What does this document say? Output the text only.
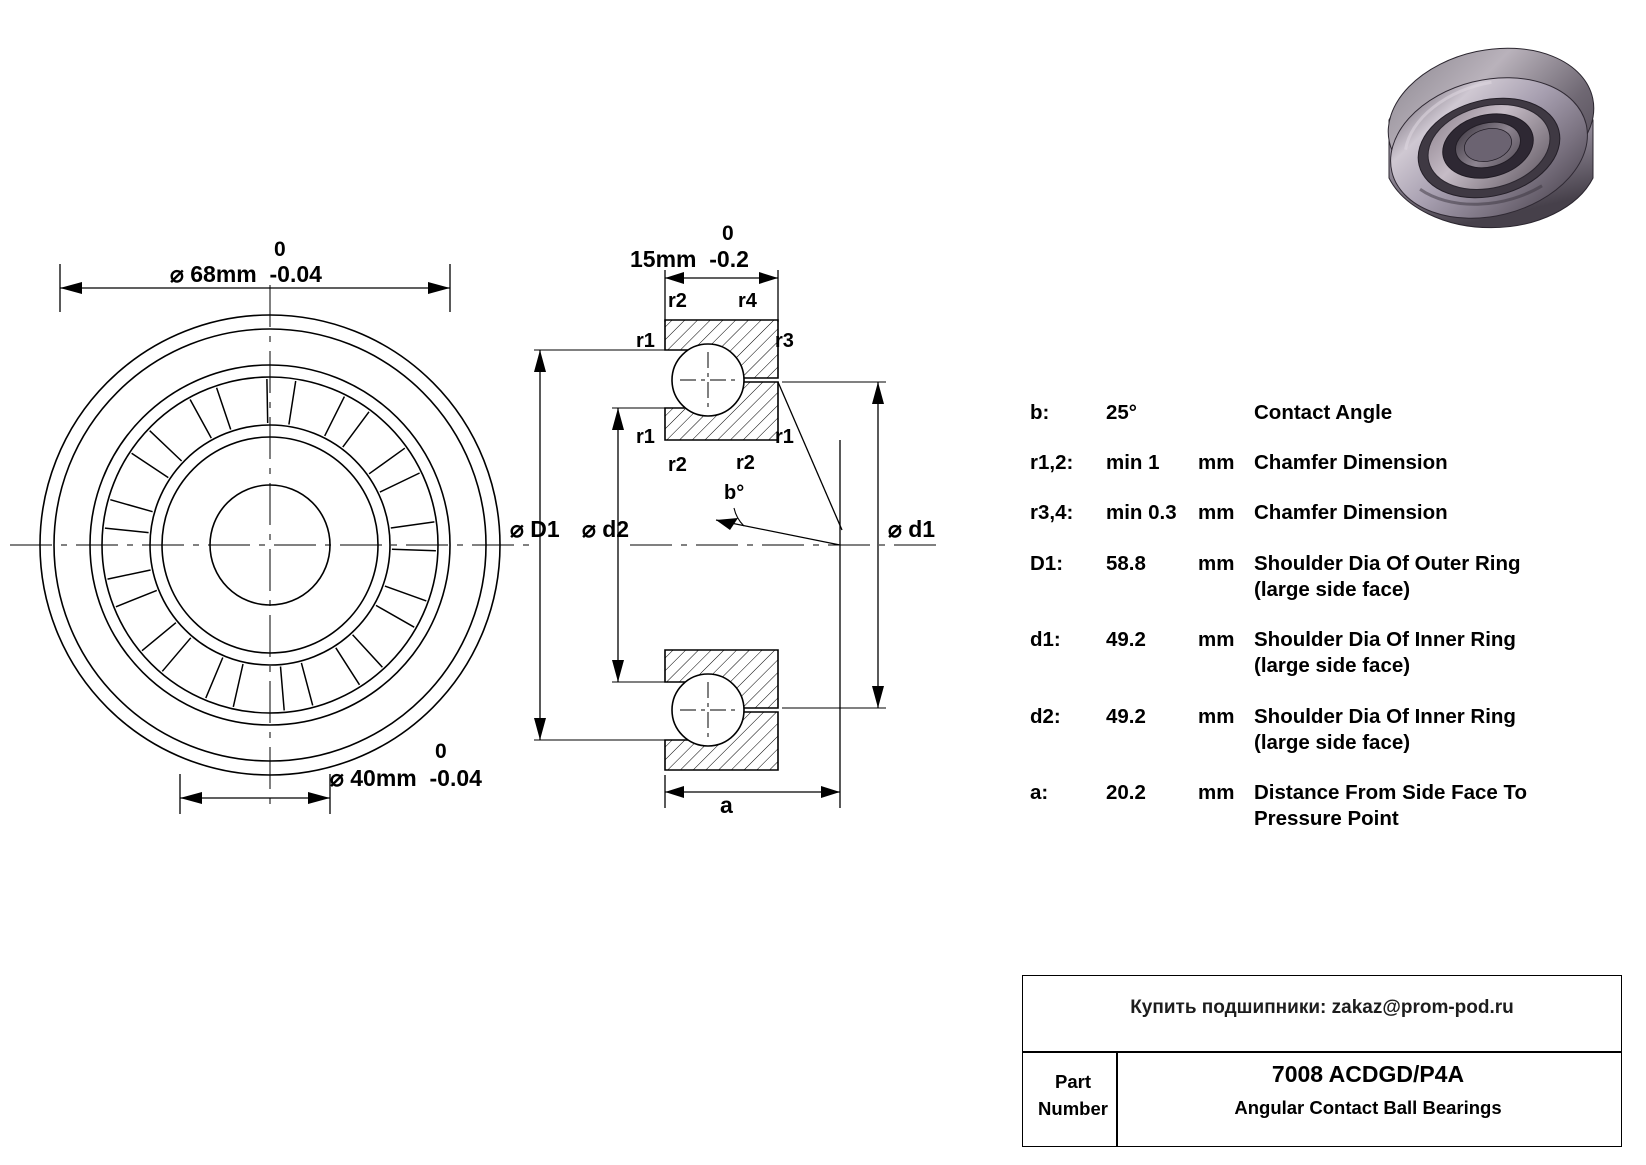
0
⌀ 68mm  -0.04
0
⌀ 40mm  -0.04
0
15mm  -0.2
r2	r4
r1	r3
r1	r1
r2 r2
b°
⌀ D1 ⌀ d2	⌀ d1
a
b:	25°		Contact Angle
r1,2:	min 1	mm	Chamfer Dimension
r3,4:	min 0.3	mm	Chamfer Dimension
D1:	58.8	mm	Shoulder Dia Of Outer Ring
(large side face)
d1:	49.2	mm	Shoulder Dia Of Inner Ring
(large side face)
d2:	49.2	mm	Shoulder Dia Of Inner Ring
(large side face)
a:	20.2	mm	Distance From Side Face To
Pressure Point
Купить подшипники: zakaz@prom-pod.ru
Part
Number
7008 ACDGD/P4A
Angular Contact Ball Bearings
